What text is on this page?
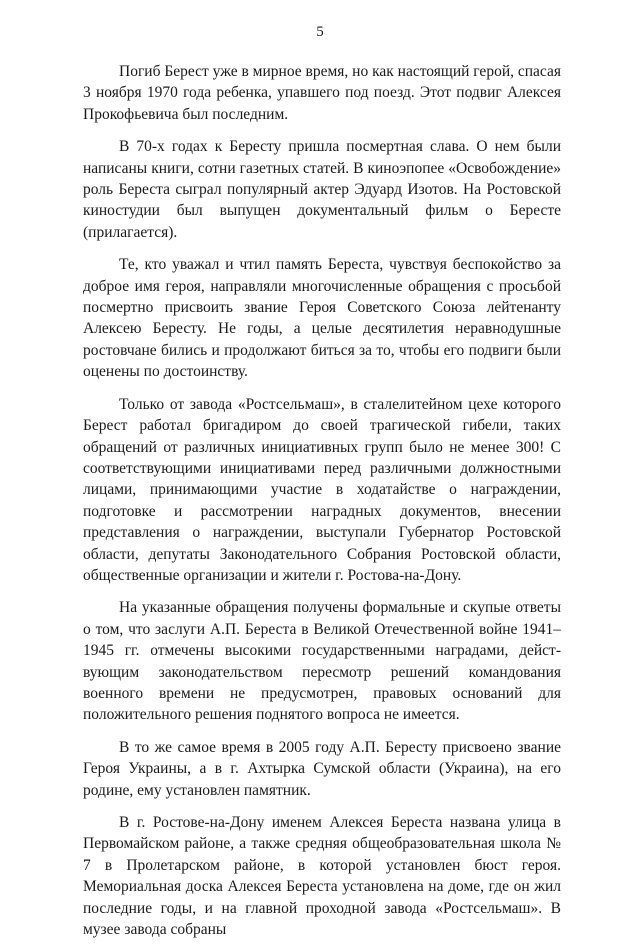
5

Погиб Берест уже в мирное время, но как настоящий герой, спасая 3 ноября 1970 года ребенка, упавшего под поезд. Этот подвиг Алексея Прокофьевича был последним.

В 70-х годах к Бересту пришла посмертная слава. О нем были написаны книги, сотни газетных статей. В киноэпопее «Освобождение» роль Береста сыграл популярный актер Эдуард Изотов. На Ростовской киностудии был выпущен документальный фильм о Бересте (прилагается).

Те, кто уважал и чтил память Береста, чувствуя беспокойство за доброе имя героя, направляли многочисленные обращения с просьбой посмертно присвоить звание Героя Советского Союза лейтенанту Алексею Бересту. Не годы, а целые десятилетия неравнодушные ростовчане бились и продолжают биться за то, чтобы его подвиги были оценены по достоинству.

Только от завода «Ростсельмаш», в сталелитейном цехе которого Берест работал бригадиром до своей трагической гибели, таких обращений от различных инициативных групп было не менее 300! С соответствующими инициативами перед различными должностными лицами, принимающими участие в ходатайстве о награждении, подготовке и рассмотрении наградных документов, внесении представления о награждении, выступали Губернатор Ростовской области, депутаты Законодательного Собрания Ростовской области, общественные организации и жители г. Ростова-на-Дону.

На указанные обращения получены формальные и скупые ответы о том, что заслуги А.П. Береста в Великой Отечественной войне 1941–1945 гг. отмечены высокими государственными наградами, действующим законодательством пересмотр решений командования военного времени не предусмотрен, правовых оснований для положительного решения поднятого вопроса не имеется.

В то же самое время в 2005 году А.П. Бересту присвоено звание Героя Украины, а в г. Ахтырка Сумской области (Украина), на его родине, ему установлен памятник.

В г. Ростове-на-Дону именем Алексея Береста названа улица в Первомайском районе, а также средняя общеобразовательная школа № 7 в Пролетарском районе, в которой установлен бюст героя. Мемориальная доска Алексея Береста установлена на доме, где он жил последние годы, и на главной проходной завода «Ростсельмаш». В музее завода собраны
